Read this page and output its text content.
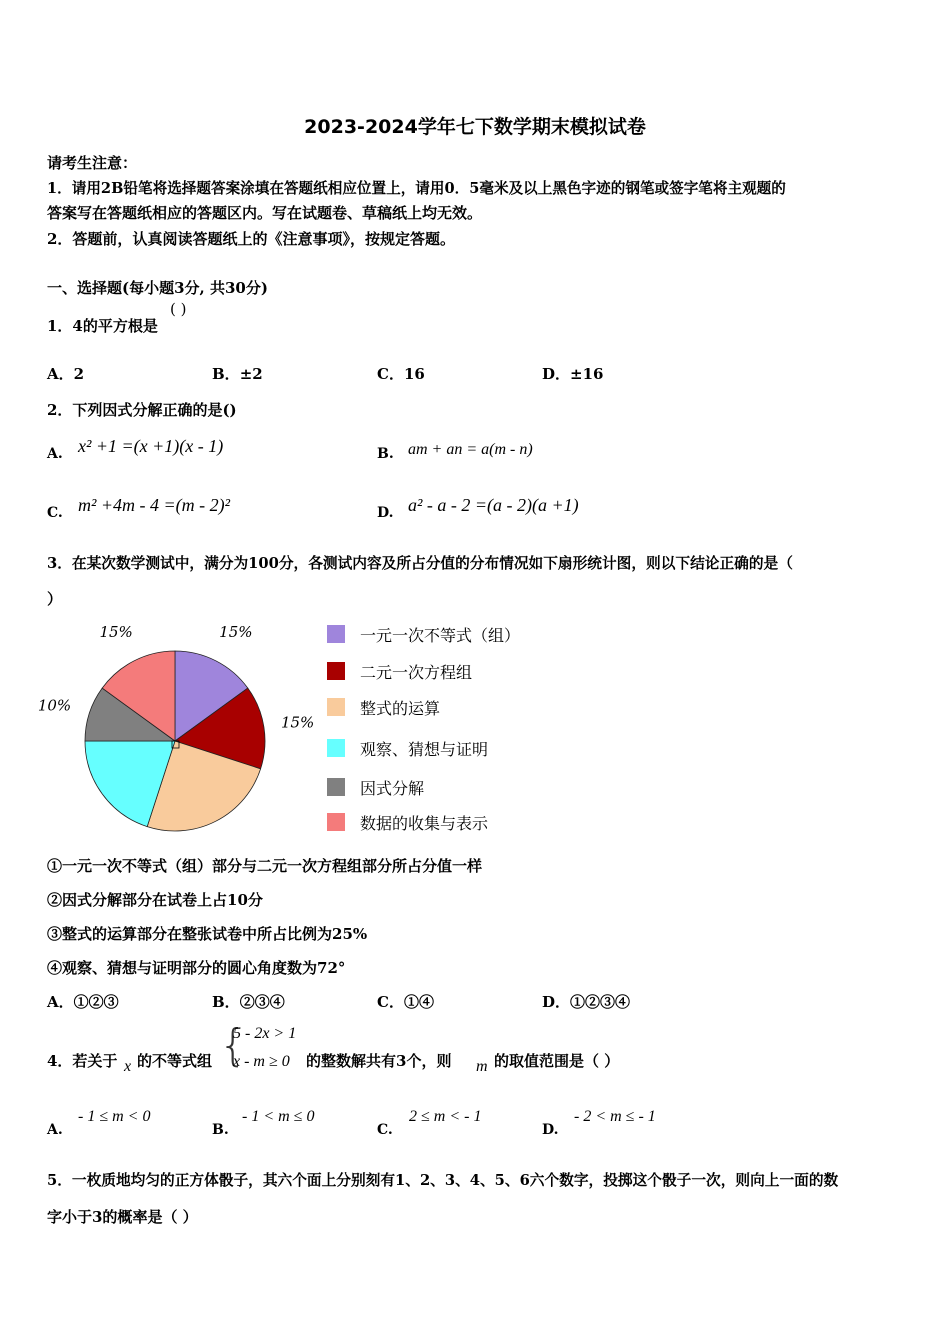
2023-2024学年七下数学期末模拟试卷
请考生注意：
1．请用2B铅笔将选择题答案涂填在答题纸相应位置上，请用0．5毫米及以上黑色字迹的钢笔或签字笔将主观题的
答案写在答题纸相应的答题区内。写在试题卷、草稿纸上均无效。
2．答题前，认真阅读答题纸上的《注意事项》，按规定答题。
一、选择题(每小题3分, 共30分)
1．4的平方根是
( )
A．2	B．±2	C．16	D．±16
2．下列因式分解正确的是()
A. x² +1 =(x +1)(x - 1)	B. am + an = a(m - n)
C. m² +4m - 4 =(m - 2)²	D. a² - a - 2 =(a - 2)(a +1)
3．在某次数学测试中，满分为100分，各测试内容及所占分值的分布情况如下扇形统计图，则以下结论正确的是（
）
15%
15%
10%
15%	一元一次不等式（组）
二元一次方程组
整式的运算
观察、猜想与证明
因式分解
数据的收集与表示
①一元一次不等式（组）部分与二元一次方程组部分所占分值一样
②因式分解部分在试卷上占10分
③整式的运算部分在整张试卷中所占比例为25%
④观察、猜想与证明部分的圆心角度数为72°
A．①②③	B．②③④	C．①④	D．①②③④
4．若关于 x 的不等式组 {
5 - 2x > 1
x - m ≥ 0 的整数解共有3个，则 m 的取值范围是（ ）
A.
- 1 ≤ m < 0
B.
- 1 < m ≤ 0
C.
2 ≤ m < - 1
D.
- 2 < m ≤ - 1
5．一枚质地均匀的正方体骰子，其六个面上分别刻有1、2、3、4、5、6六个数字，投掷这个骰子一次，则向上一面的数
字小于3的概率是（ ）
